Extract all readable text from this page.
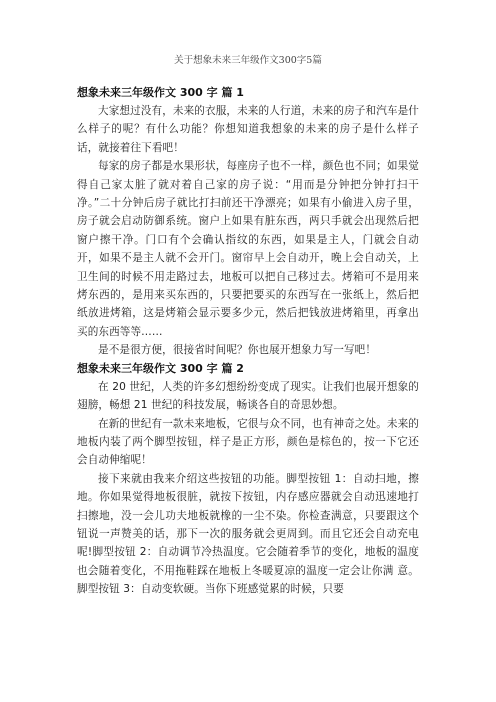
关于想象未来三年级作文300字5篇
想象未来三年级作文 300 字 篇 1

大家想过没有，未来的衣服，未来的人行道，未来的房子和汽车是什么样子的呢？有什么功能？你想知道我想象的未来的房子是什么样子话，就接着往下看吧！

每家的房子都是水果形状，每座房子也不一样，颜色也不同；如果觉得自己家太脏了就对着自己家的房子说：“用而是分钟把分钟打扫干净。”二十分钟后房子就比打扫前还干净漂亮；如果有小偷进入房子里，房子就会启动防御系统。窗户上如果有脏东西，两只手就会出现然后把窗户擦干净。门口有个会确认指纹的东西，如果是主人，门就会自动开，如果不是主人就不会开门。窗帘早上会自动开，晚上会自动关，上卫生间的时候不用走路过去，地板可以把自己移过去。烤箱可不是用来烤东西的，是用来买东西的，只要把要买的东西写在一张纸上，然后把纸放进烤箱，这是烤箱会显示要多少元，然后把钱放进烤箱里，再拿出买的东西等等……

是不是很方便，很接省时间呢？你也展开想象力写一写吧！

想象未来三年级作文 300 字 篇 2

在 20 世纪，人类的许多幻想纷纷变成了现实。让我们也展开想象的翅膀，畅想 21 世纪的科技发展，畅谈各自的奇思妙想。

在新的世纪有一款未来地板，它很与众不同，也有神奇之处。未来的地板内装了两个脚型按钮，样子是正方形，颜色是棕色的，按一下它还会自动伸缩呢！

接下来就由我来介绍这些按钮的功能。脚型按钮 1：自动扫地，擦地。你如果觉得地板很脏，就按下按钮，内存感应器就会自动迅速地打扫擦地，没一会儿功夫地板就橡的一尘不染。你检查满意，只要跟这个 钮说一声赞美的话，那下一次的服务就会更周到。而且它还会自动充电呢!脚型按钮 2：自动调节冷热温度。它会随着季节的变化，地板的温度也会随着变化，不用拖鞋踩在地板上冬暖夏凉的温度一定会让你满 意。脚型按钮 3：自动变软硬。当你下班感觉累的时候，只要
